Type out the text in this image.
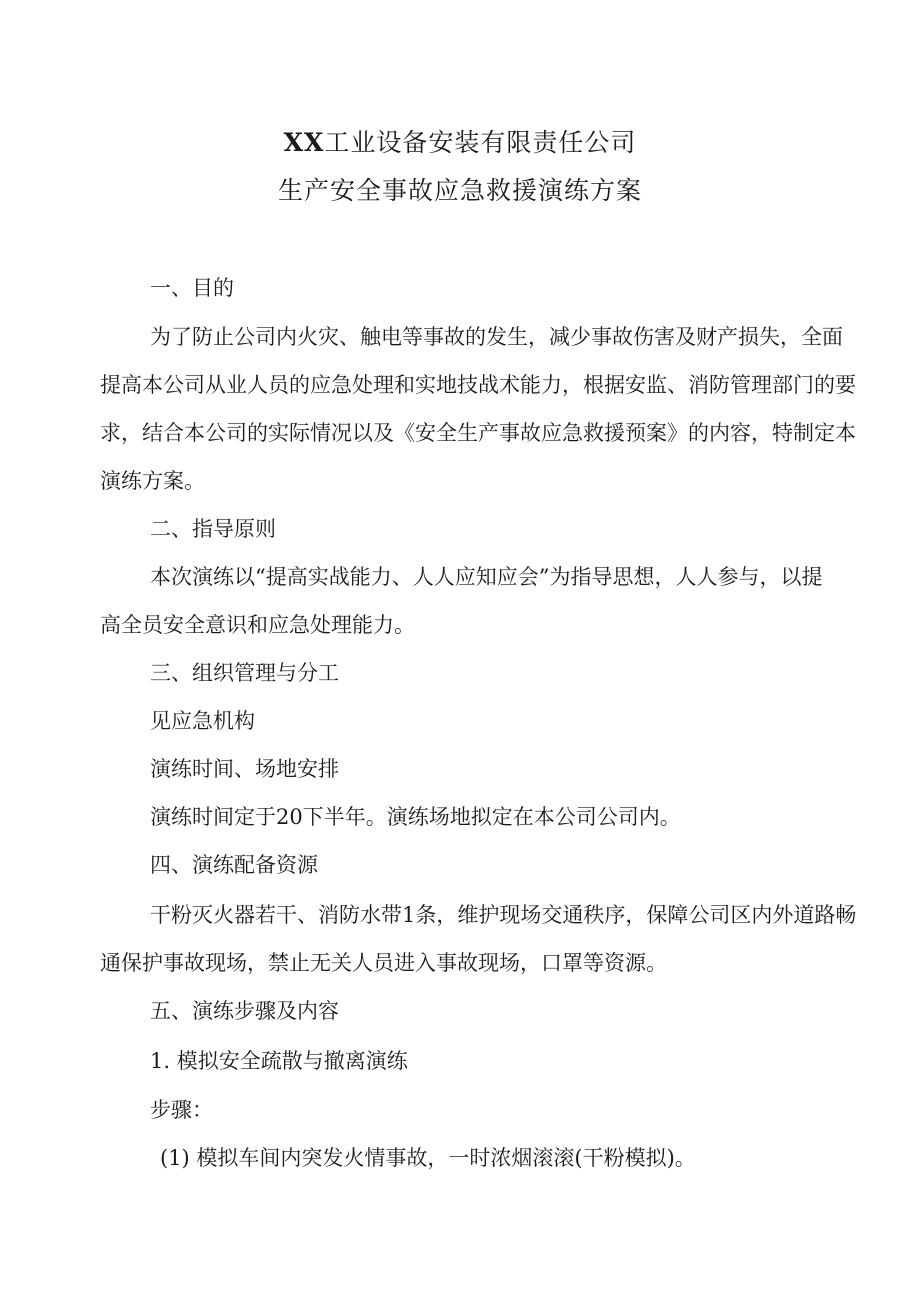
XX工业设备安装有限责任公司
生产安全事故应急救援演练方案
一、目的
为了防止公司内火灾、触电等事故的发生，减少事故伤害及财产损失，全面
提高本公司从业人员的应急处理和实地技战术能力，根据安监、消防管理部门的要
求，结合本公司的实际情况以及《安全生产事故应急救援预案》的内容，特制定本
演练方案。
二、指导原则
本次演练以“提高实战能力、人人应知应会”为指导思想，人人参与，以提
高全员安全意识和应急处理能力。
三、组织管理与分工
见应急机构
演练时间、场地安排
演练时间定于20下半年。演练场地拟定在本公司公司内。
四、演练配备资源
干粉灭火器若干、消防水带1条，维护现场交通秩序，保障公司区内外道路畅
通保护事故现场，禁止无关人员进入事故现场，口罩等资源。
五、演练步骤及内容
1. 模拟安全疏散与撤离演练
步骤：
(1) 模拟车间内突发火情事故，一时浓烟滚滚(干粉模拟)。
